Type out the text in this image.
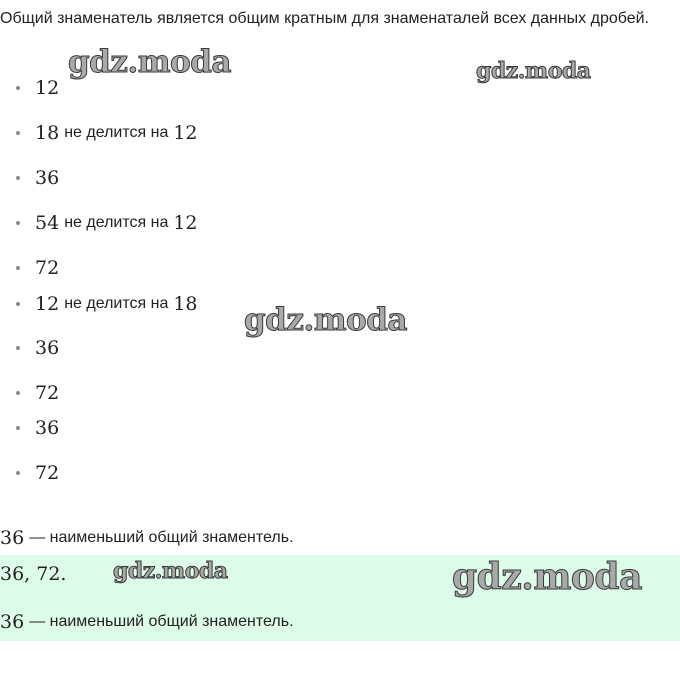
Общий знаменатель является общим кратным для знаменаталей всех данных дробей.

12
18 не делится на 12
36
54 не делится на 12
72
12 не делится на 18
36
72
36
72
36 — наименьший общий знаментель.
36, 72.
36 — наименьший общий знаментель.
gdz.moda	gdz.moda
gdz.moda
gdz.moda	gdz.moda
